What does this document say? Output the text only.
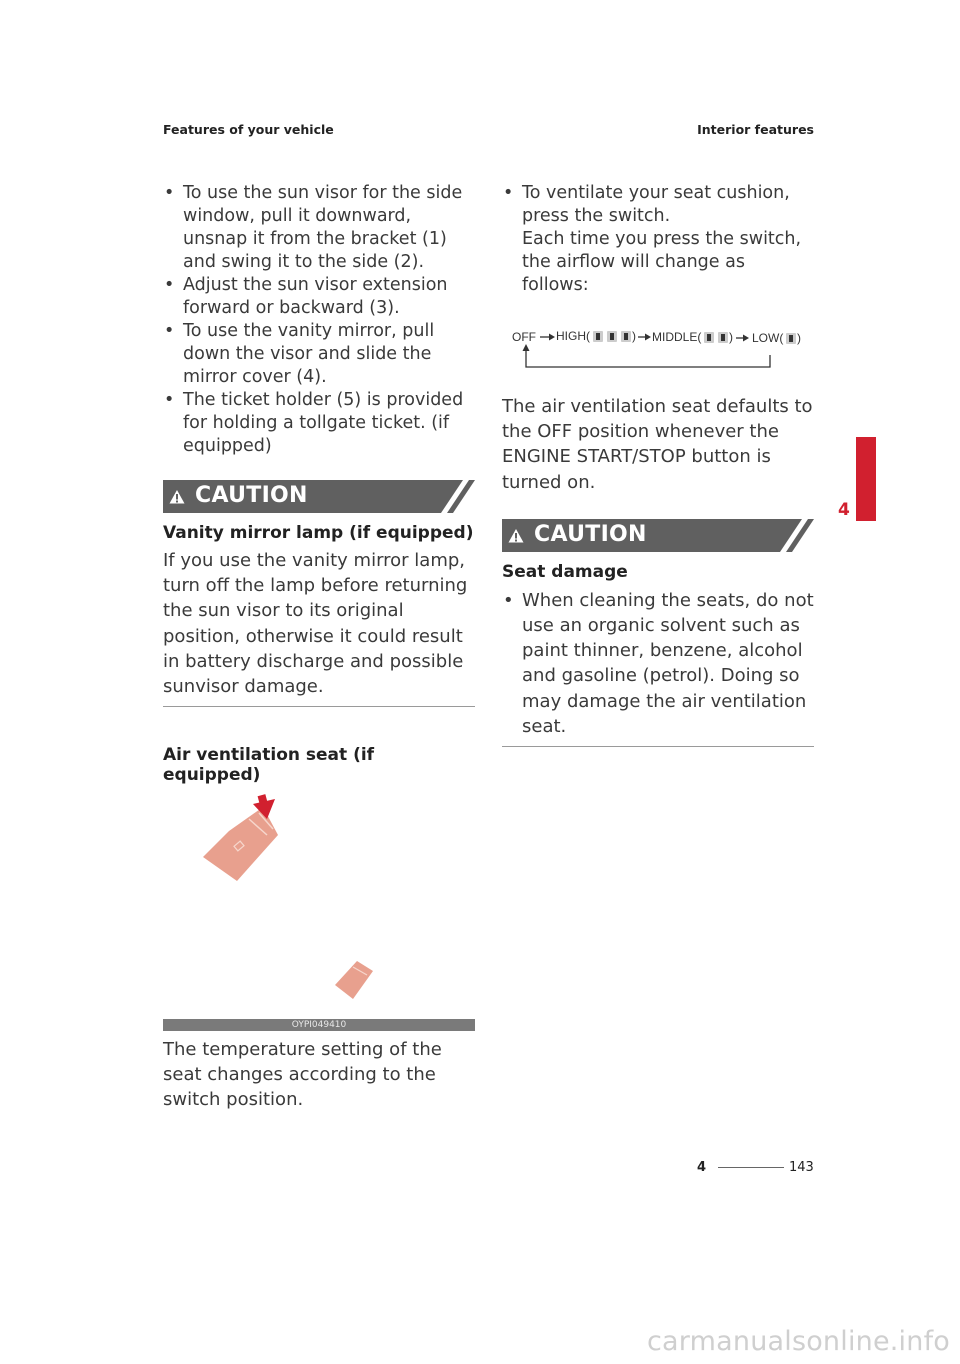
Features of your vehicle	Interior features
4
• To use the sun visor for the side window, pull it downward, unsnap it from the bracket (1) and swing it to the side (2).
• Adjust the sun visor extension forward or backward (3).
• To use the vanity mirror, pull down the visor and slide the mirror cover (4).
• The ticket holder (5) is provided for holding a tollgate ticket. (if equipped)
CAUTION
Vanity mirror lamp (if equipped)

If you use the vanity mirror lamp, turn off the lamp before returning the sun visor to its original position, otherwise it could result in battery discharge and possible sunvisor damage.

Air ventilation seat (if equipped)
OYPI049410

The temperature setting of the seat changes according to the switch position.

• To ventilate your seat cushion, press the switch.
Each time you press the switch, the airflow will change as follows:
OFF HIGH(	) MIDDLE( ) LOW( )

The air ventilation seat defaults to the OFF position whenever the ENGINE START/STOP button is turned on.

CAUTION
Seat damage
• When cleaning the seats, do not use an organic solvent such as paint thinner, benzene, alcohol and gasoline (petrol). Doing so may damage the air ventilation seat.
4	143
carmanualsonline.info
